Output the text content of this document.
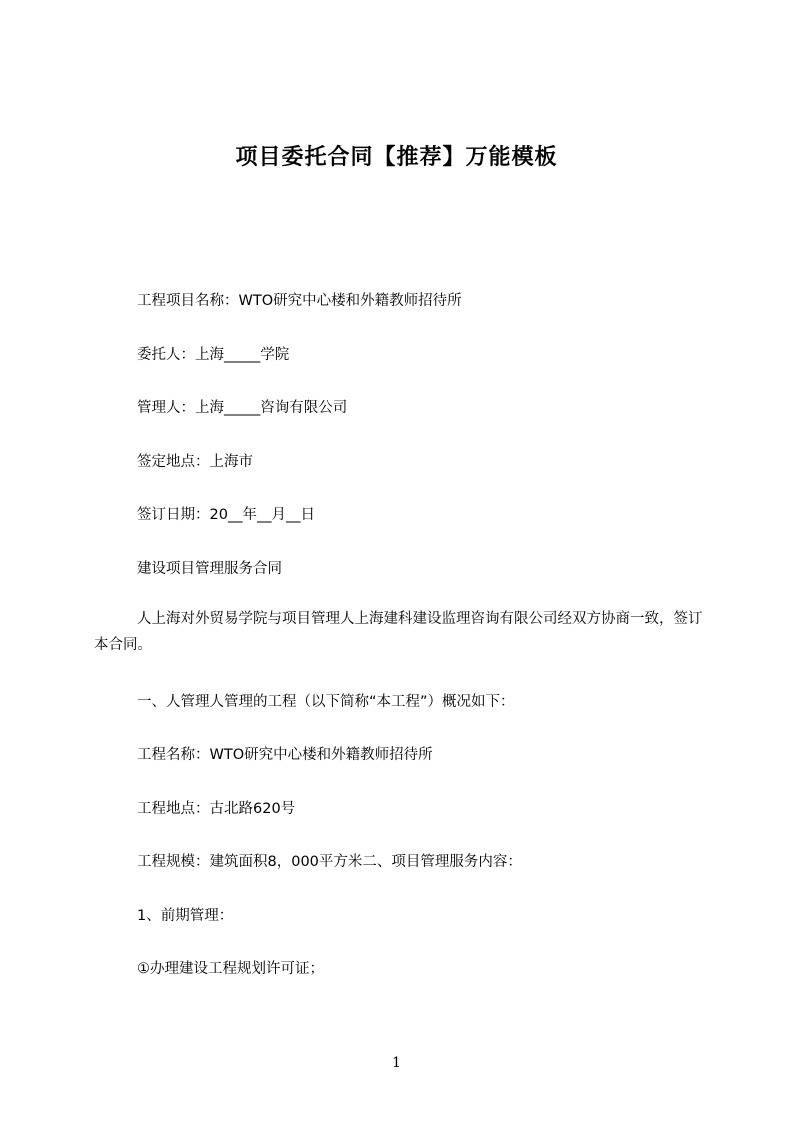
项目委托合同【推荐】万能模板
工程项目名称：WTO研究中心楼和外籍教师招待所
委托人：上海_____学院
管理人：上海_____咨询有限公司
签定地点：上海市
签订日期：20__年__月__日
建设项目管理服务合同
人上海对外贸易学院与项目管理人上海建科建设监理咨询有限公司经双方协商一致，签订本合同。
一、人管理人管理的工程（以下简称“本工程”）概况如下：
工程名称：WTO研究中心楼和外籍教师招待所
工程地点：古北路620号
工程规模：建筑面积8，000平方米二、项目管理服务内容：
1、前期管理：
①办理建设工程规划许可证；
1
